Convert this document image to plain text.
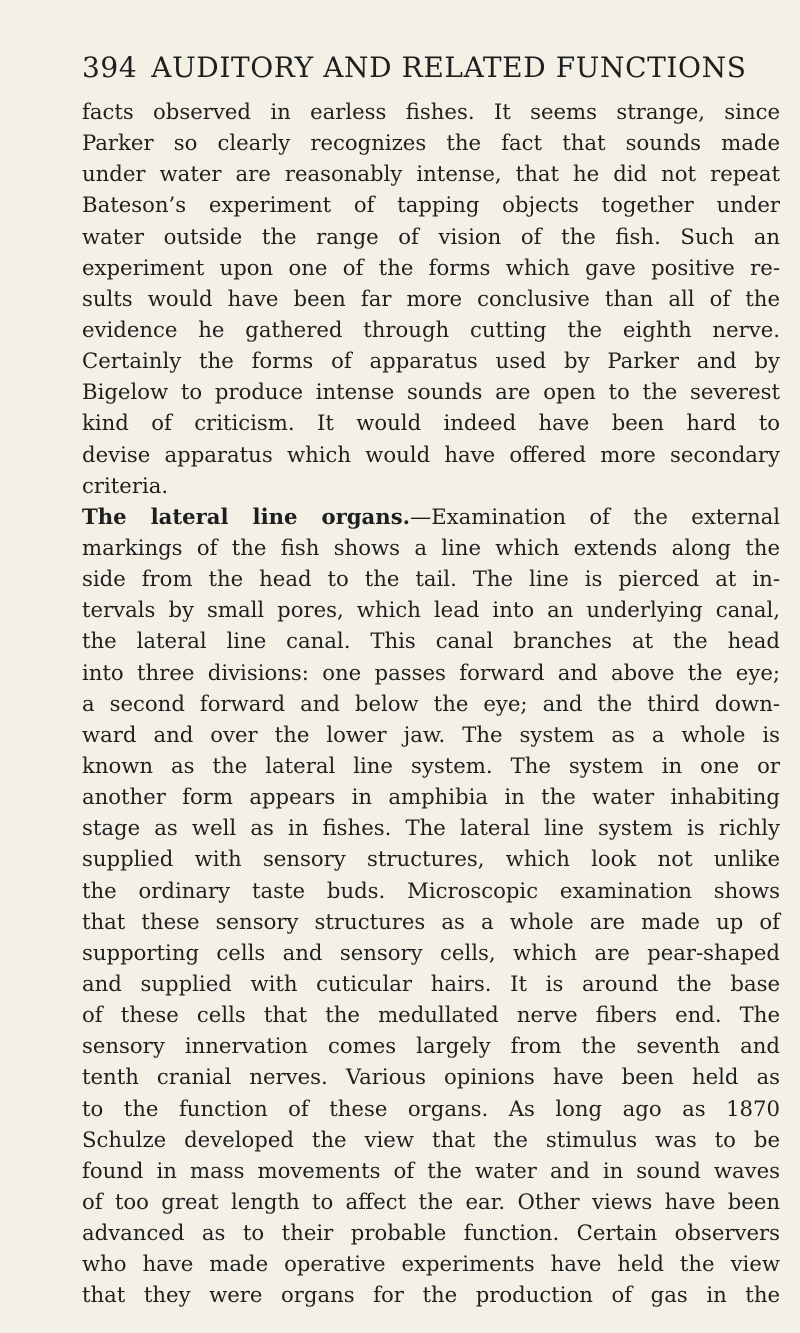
394 AUDITORY AND RELATED FUNCTIONS
facts observed in earless fishes. It seems strange, since
Parker so clearly recognizes the fact that sounds made
under water are reasonably intense, that he did not repeat
Bateson’s experiment of tapping objects together under
water outside the range of vision of the fish. Such an
experiment upon one of the forms which gave positive re-
sults would have been far more conclusive than all of the
evidence he gathered through cutting the eighth nerve.
Certainly the forms of apparatus used by Parker and by
Bigelow to produce intense sounds are open to the severest
kind of criticism. It would indeed have been hard to
devise apparatus which would have offered more secondary
criteria.
The lateral line organs.—Examination of the external
markings of the fish shows a line which extends along the
side from the head to the tail. The line is pierced at in-
tervals by small pores, which lead into an underlying canal,
the lateral line canal. This canal branches at the head
into three divisions: one passes forward and above the eye;
a second forward and below the eye; and the third down-
ward and over the lower jaw. The system as a whole is
known as the lateral line system. The system in one or
another form appears in amphibia in the water inhabiting
stage as well as in fishes. The lateral line system is richly
supplied with sensory structures, which look not unlike
the ordinary taste buds. Microscopic examination shows
that these sensory structures as a whole are made up of
supporting cells and sensory cells, which are pear-shaped
and supplied with cuticular hairs. It is around the base
of these cells that the medullated nerve fibers end. The
sensory innervation comes largely from the seventh and
tenth cranial nerves. Various opinions have been held as
to the function of these organs. As long ago as 1870
Schulze developed the view that the stimulus was to be
found in mass movements of the water and in sound waves
of too great length to affect the ear. Other views have been
advanced as to their probable function. Certain observers
who have made operative experiments have held the view
that they were organs for the production of gas in the
